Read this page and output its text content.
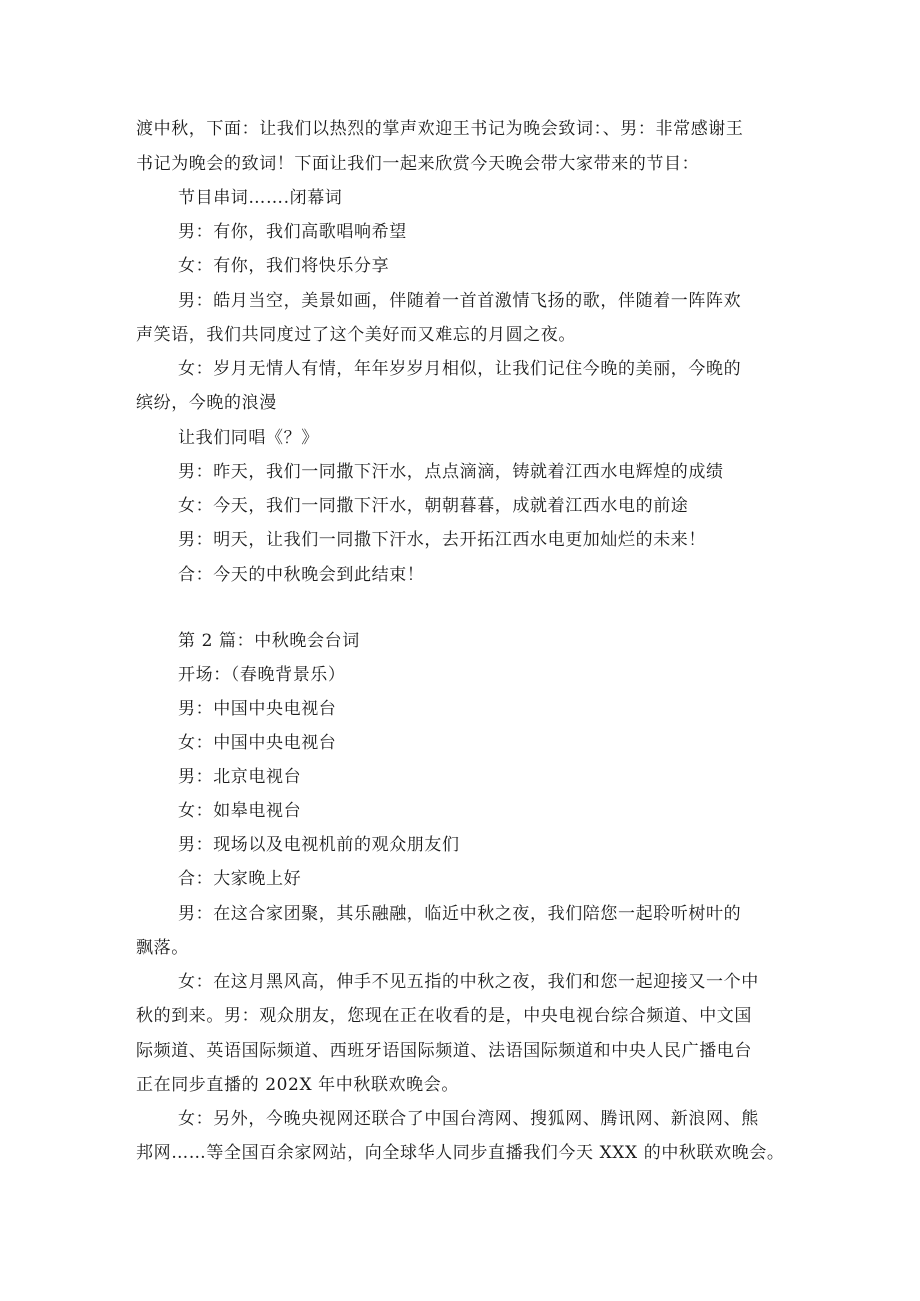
渡中秋，下面：让我们以热烈的掌声欢迎王书记为晚会致词：、男：非常感谢王
书记为晚会的致词！下面让我们一起来欣赏今天晚会带大家带来的节目：
节目串词…….闭幕词
男：有你，我们高歌唱响希望
女：有你，我们将快乐分享
男：皓月当空，美景如画，伴随着一首首激情飞扬的歌，伴随着一阵阵欢
声笑语，我们共同度过了这个美好而又难忘的月圆之夜。
女：岁月无情人有情，年年岁岁月相似，让我们记住今晚的美丽，今晚的
缤纷，今晚的浪漫
让我们同唱《？》
男：昨天，我们一同撒下汗水，点点滴滴，铸就着江西水电辉煌的成绩
女：今天，我们一同撒下汗水，朝朝暮暮，成就着江西水电的前途
男：明天，让我们一同撒下汗水，去开拓江西水电更加灿烂的未来！
合：今天的中秋晚会到此结束！
第 2 篇：中秋晚会台词
开场：（春晚背景乐）
男：中国中央电视台
女：中国中央电视台
男：北京电视台
女：如皋电视台
男：现场以及电视机前的观众朋友们
合：大家晚上好
男：在这合家团聚，其乐融融，临近中秋之夜，我们陪您一起聆听树叶的
飘落。
女：在这月黑风高，伸手不见五指的中秋之夜，我们和您一起迎接又一个中
秋的到来。男：观众朋友，您现在正在收看的是，中央电视台综合频道、中文国
际频道、英语国际频道、西班牙语国际频道、法语国际频道和中央人民广播电台
正在同步直播的 202X 年中秋联欢晚会。
女：另外，今晚央视网还联合了中国台湾网、搜狐网、腾讯网、新浪网、熊
邦网……等全国百余家网站，向全球华人同步直播我们今天 XXX 的中秋联欢晚会。
